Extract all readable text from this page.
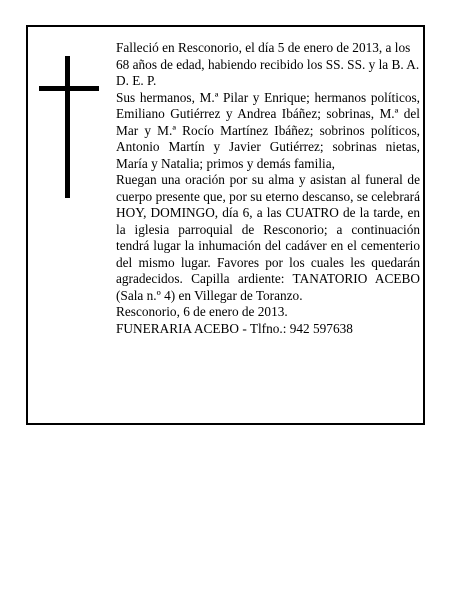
Falleció en Resconorio, el día 5 de enero de 2013, a los 68 años de edad, habiendo recibido los SS. SS. y la B. A.

D. E. P.

Sus hermanos, M.ª Pilar y Enrique; hermanos políticos, Emiliano Gutiérrez y Andrea Ibáñez; sobrinas, M.ª del Mar y M.ª Rocío Martínez Ibáñez; sobrinos políticos, Antonio Martín y Javier Gutiérrez; sobrinas nietas, María y Natalia; primos y demás familia,

Ruegan una oración por su alma y asistan al funeral de cuerpo presente que, por su eterno descanso, se celebrará HOY, DOMINGO, día 6, a las CUATRO de la tarde, en la iglesia parroquial de Resconorio; a continuación tendrá lugar la inhumación del cadáver en el cementerio del mismo lugar. Favores por los cuales les quedarán agradecidos. Capilla ardiente: TANATORIO ACEBO (Sala n.º 4) en Villegar de Toranzo.

Resconorio, 6 de enero de 2013.

FUNERARIA ACEBO - Tlfno.: 942 597638
